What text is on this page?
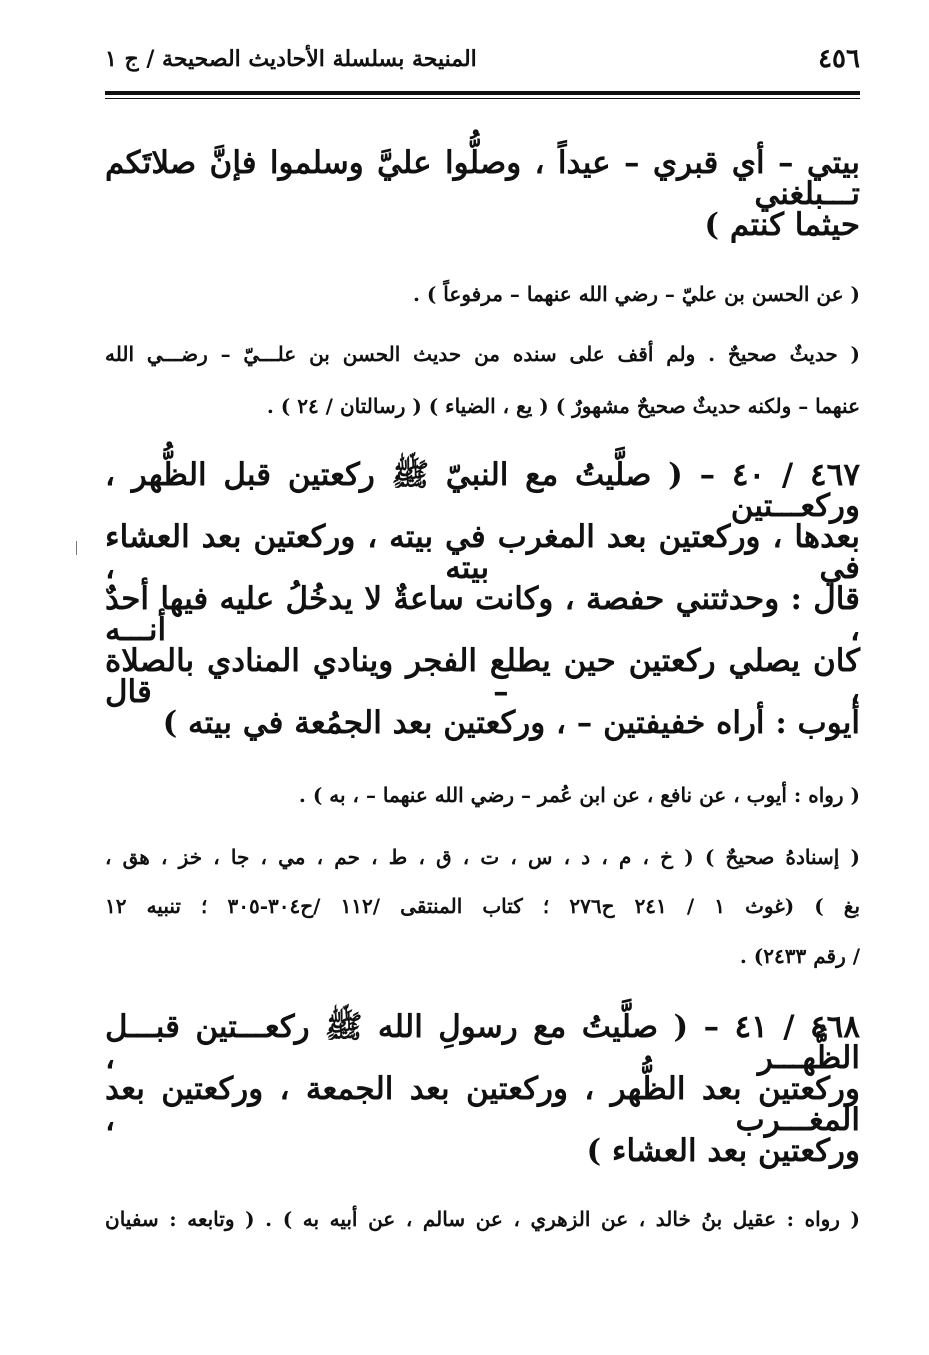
٤٥٦
المنيحة بسلسلة الأحاديث الصحيحة / ج ١
بيتي – أي قبري – عيداً ، وصلُّوا عليَّ وسلموا فإنَّ صلاتَكم تـــبلغني
حيثما كنتم )
( عن الحسن بن عليّ – رضي الله عنهما – مرفوعاً ) .
( حديثٌ صحيحٌ . ولم أقف على سنده من حديث الحسن بن علـــيّ – رضـــي الله
عنهما – ولكنه حديثٌ صحيحٌ مشهورٌ ) ( يع ، الضياء ) ( رسالتان / ٢٤ ) .
٤٦٧ / ٤٠ – ( صلَّيتُ مع النبيّ ﷺ ركعتين قبل الظُّهر ، وركعـــتين
بعدها ، وركعتين بعد المغرب في بيته ، وركعتين بعد العشاء في بيته ،
قال : وحدثتني حفصة ، وكانت ساعةٌ لا يدخُلُ عليه فيها أحدٌ ، أنـــه
كان يصلي ركعتين حين يطلع الفجر وينادي المنادي بالصلاة ، – قال
أيوب : أراه خفيفتين – ، وركعتين بعد الجمُعة في بيته )
( رواه : أيوب ، عن نافع ، عن ابن عُمر – رضي الله عنهما – ، به ) .
( إسنادهُ صحيحٌ ) ( خ ، م ، د ، س ، ت ، ق ، ط ، حم ، مي ، جا ، خز ، هق ،
بغ ) (غوث ١ / ٢٤١ ح٢٧٦ ؛ كتاب المنتقى /١١٢ /ح٣٠٤-٣٠٥ ؛ تنبيه ١٢
/ رقم ٢٤٣٣) .
٤٦٨ / ٤١ – ( صلَّيتُ مع رسولِ الله ﷺ ركعـــتين قبـــل الظُّهـــر ،
وركعتين بعد الظُّهر ، وركعتين بعد الجمعة ، وركعتين بعد المغـــرب ،
وركعتين بعد العشاء )
( رواه : عقيل بنُ خالد ، عن الزهري ، عن سالم ، عن أبيه به ) . ( وتابعه : سفيان
